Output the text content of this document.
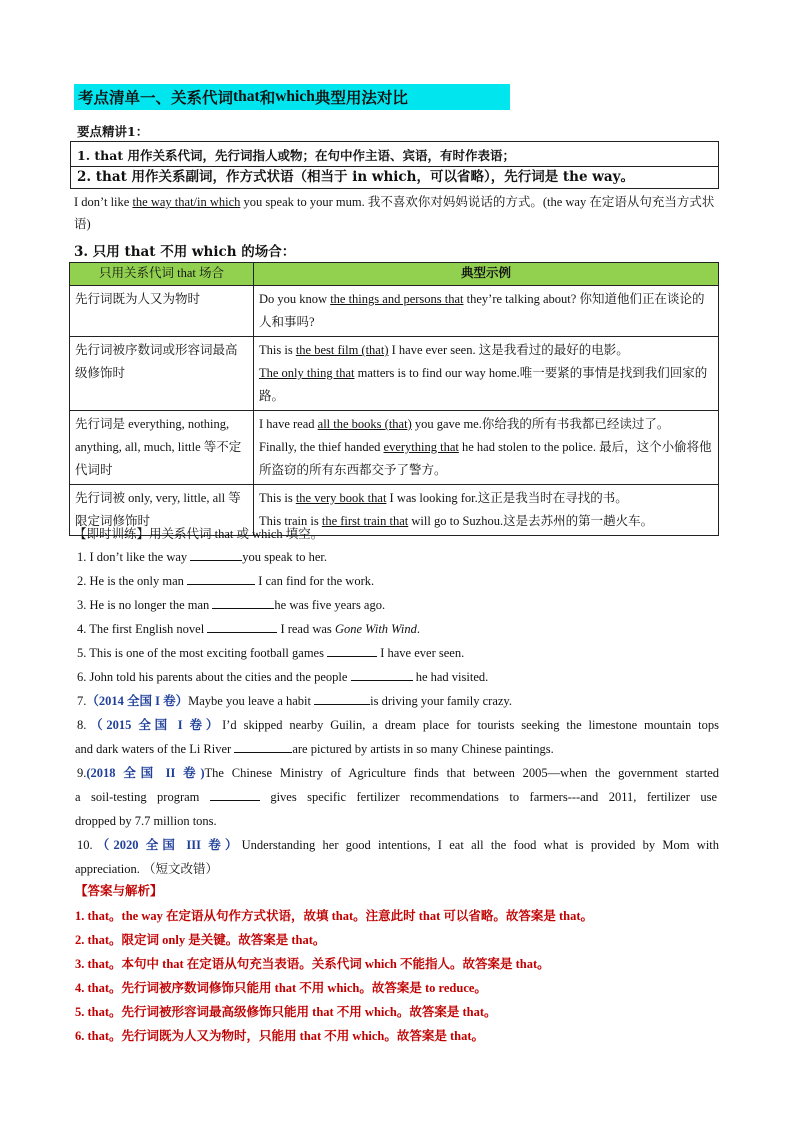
考点清单一、关系代词 that 和 which 典型用法对比
要点精讲1：
1. that 用作关系代词，先行词指人或物；在句中作主语、宾语，有时作表语；
2. that 用作关系副词，作方式状语（相当于 in which，可以省略），先行词是 the way。
I don’t like the way that/in which you speak to your mum. 我不喜欢你对妈妈说话的方式。(the way 在定语从句充当方式状语)
3. 只用 that 不用 which 的场合：
只用关系代词 that 场合	典型示例
先行词既为人又为物时	Do you know the things and persons that they’re talking about? 你知道他们正在谈论的人和事吗?
先行词被序数词或形容词最高级修饰时	This is the best film (that) I have ever seen. 这是我看过的最好的电影。
The only thing that matters is to find our way home.唯一要紧的事情是找到我们回家的路。

先行词是 everything, nothing, anything, all, much, little 等不定代词时	I have read all the books (that) you gave me.你给我的所有书我都已经读过了。
Finally, the thief handed everything that he had stolen to the police. 最后，这个小偷将他所盗窃的所有东西都交予了警方。

先行词被 only, very, little, all 等限定词修饰时	This is the very book that I was looking for.这正是我当时在寻找的书。
This train is the first train that will go to Suzhou.这是去苏州的第一趟火车。
【即时训练】用关系代词 that 或 which 填空。
1. I don’t like the way	you speak to her.
2. He is the only man	I can find for the work.
3. He is no longer the man	he was five years ago.
4. The first English novel	I read was Gone With Wind.
5. This is one of the most exciting football games	I have ever seen.
6. John told his parents about the cities and the people	he had visited.
7.（2014 全国 I 卷）Maybe you leave a habit	is driving your family crazy.
8.（2015 全国 I 卷）I’d skipped nearby Guilin, a dream place for tourists seeking the limestone mountain tops
and dark waters of the Li River	are pictured by artists in so many Chinese paintings.
9.(2018 全国 II 卷)The Chinese Ministry of Agriculture finds that between 2005—when the government started
a soil-testing program	gives specific fertilizer recommendations to farmers---and 2011, fertilizer use
dropped by 7.7 million tons.
10.（2020 全国 III 卷）Understanding her good intentions, I eat all the food what is provided by Mom with
appreciation. （短文改错）
【答案与解析】
1. that。the way 在定语从句作方式状语，故填 that。注意此时 that 可以省略。故答案是 that。
2. that。限定词 only 是关键。故答案是 that。
3. that。本句中 that 在定语从句充当表语。关系代词 which 不能指人。故答案是 that。
4. that。先行词被序数词修饰只能用 that 不用 which。故答案是 to reduce。
5. that。先行词被形容词最高级修饰只能用 that 不用 which。故答案是 that。
6. that。先行词既为人又为物时，只能用 that 不用 which。故答案是 that。
